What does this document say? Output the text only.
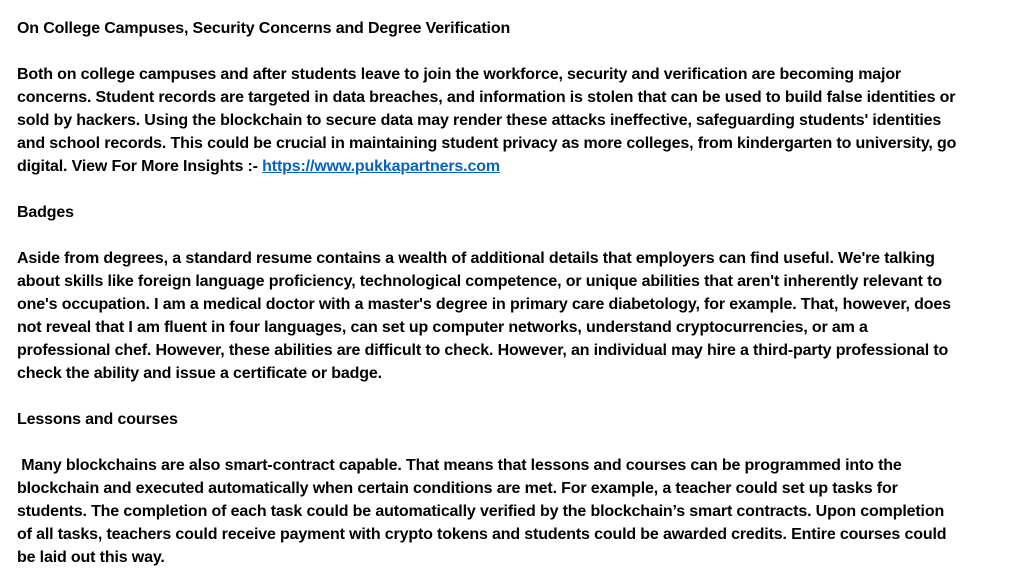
On College Campuses, Security Concerns and Degree Verification
Both on college campuses and after students leave to join the workforce, security and verification are becoming major
concerns. Student records are targeted in data breaches, and information is stolen that can be used to build false identities or
sold by hackers. Using the blockchain to secure data may render these attacks ineffective, safeguarding students' identities
and school records. This could be crucial in maintaining student privacy as more colleges, from kindergarten to university, go
digital. View For More Insights :- https://www.pukkapartners.com
Badges
Aside from degrees, a standard resume contains a wealth of additional details that employers can find useful. We're talking
about skills like foreign language proficiency, technological competence, or unique abilities that aren't inherently relevant to
one's occupation. I am a medical doctor with a master's degree in primary care diabetology, for example. That, however, does
not reveal that I am fluent in four languages, can set up computer networks, understand cryptocurrencies, or am a
professional chef. However, these abilities are difficult to check. However, an individual may hire a third-party professional to
check the ability and issue a certificate or badge.
Lessons and courses
Many blockchains are also smart-contract capable. That means that lessons and courses can be programmed into the
blockchain and executed automatically when certain conditions are met. For example, a teacher could set up tasks for
students. The completion of each task could be automatically verified by the blockchain’s smart contracts. Upon completion
of all tasks, teachers could receive payment with crypto tokens and students could be awarded credits. Entire courses could
be laid out this way.
